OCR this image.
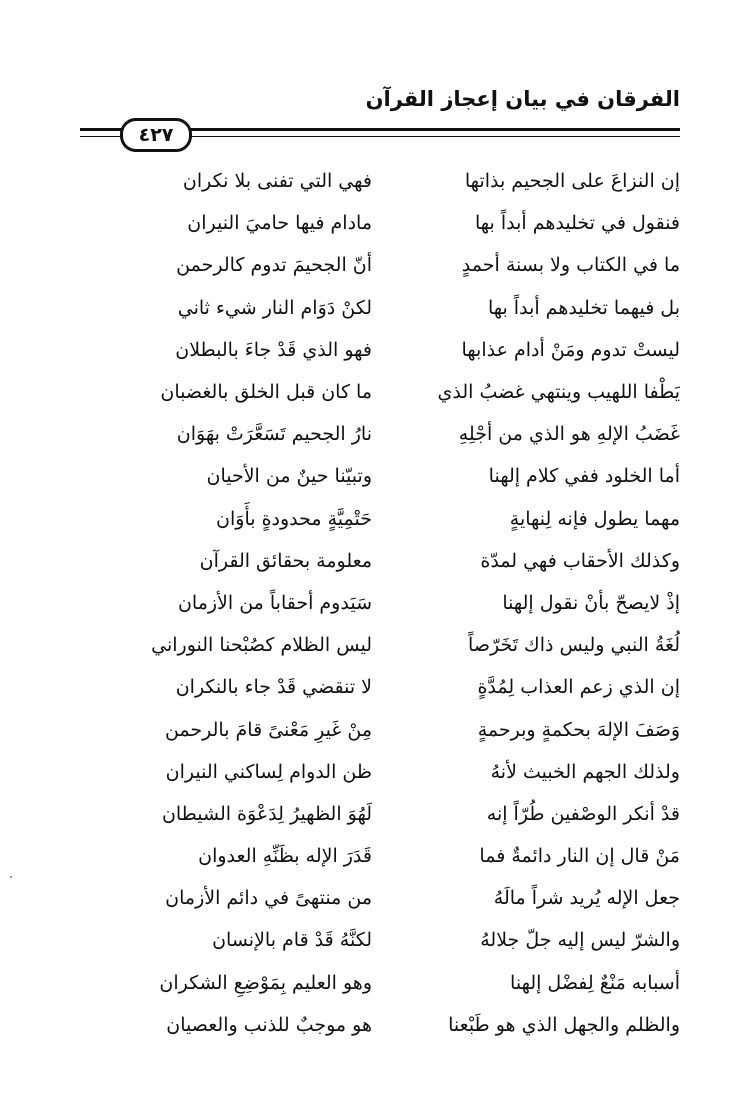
الفرقان في بيان إعجاز القرآن
٤٢٧
إن النزاعَ على الجحيم بذاتها
فهي التي تفنى بلا نكران
فنقول في تخليدهم أبداً بها
مادام فيها حاميَ النيران
ما في الكتاب ولا بسنة أحمدٍ
أنّ الجحيمَ تدوم كالرحمن
بل فيهما تخليدهم أبداً بها
لكنْ دَوَام النار شيء ثاني
ليستْ تدوم ومَنْ أدام عذابها
فهو الذي قَدْ جاءَ بالبطلان
يَطْفا اللهيب وينتهي غضبُ الذي
ما كان قبل الخلق بالغضبان
غَضَبُ الإلهِ هو الذي من أجْلِهِ
نارُ الجحيم تَسَعَّرَتْ بهَوَان
أما الخلود ففي كلام إلهنا
وتبيّنا حينٌ من الأحيان
مهما يطول فإنه لِنهايةٍ
حَتْمِيَّةٍ محدودةٍ بأَوَان
وكذلك الأحقاب فهي لمدّة
معلومة بحقائق القرآن
إذْ لايصحّ بأنْ نقول إلهنا
سَيَدوم أحقاباً من الأزمان
لُغَةُ النبي وليس ذاك تَخَرّصاً
ليس الظلام كصُبْحنا النوراني
إن الذي زعم العذاب لِمُدَّةٍ
لا تنقضي قَدْ جاء بالنكران
وَصَفَ الإلهَ بحكمةٍ وبرحمةٍ
مِنْ غَيرِ مَعْنىً قامَ بالرحمن
ولذلك الجهم الخبيث لأنهُ
ظن الدوام لِساكني النيران
قدْ أنكر الوصْفين طُرّاً إنه
لَهُوَ الظهيرُ لِدَعْوَة الشيطان
مَنْ قال إن النار دائمةٌ فما
قَدَرَ الإله بظَنِّهِ العدوان
جعل الإله يُريد شراً مالَهُ
من منتهىً في دائم الأزمان
والشرّ ليس إليه جلّ جلالهُ
لكنَّهُ قَدْ قام بالإنسان
أسبابه مَنْعٌ لِفضْل إلهنا
وهو العليم بِمَوْضِعِ الشكران
والظلم والجهل الذي هو طَبْعنا
هو موجبٌ للذنب والعصيان
